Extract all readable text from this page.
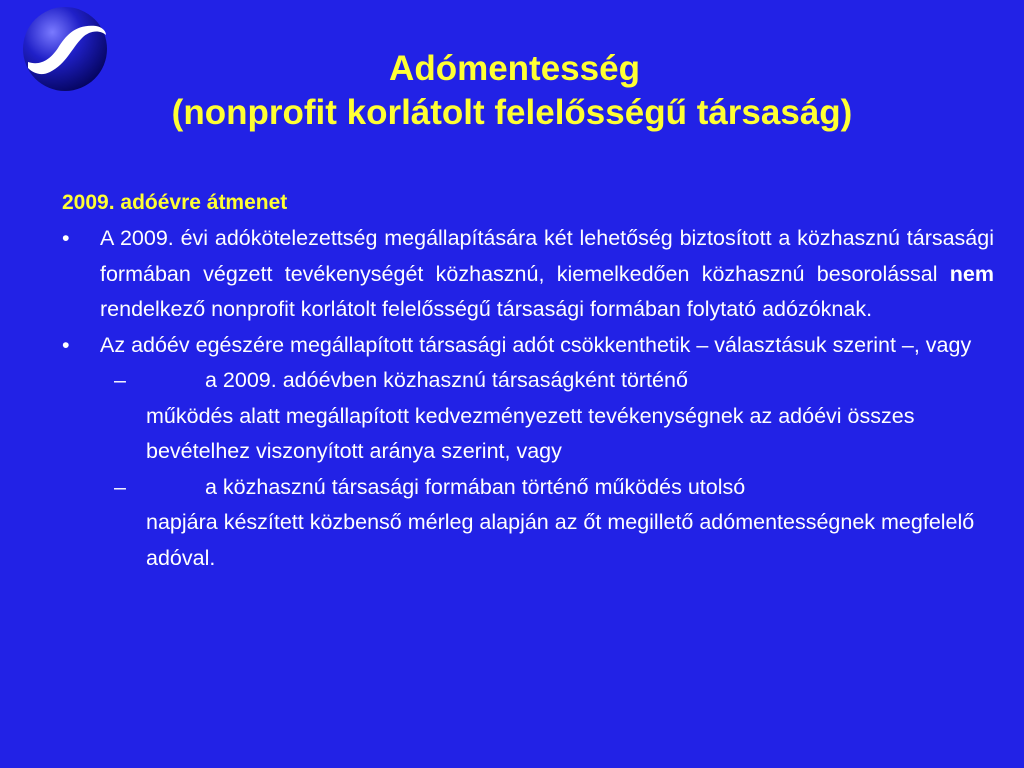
Adómentesség
(nonprofit korlátolt felelősségű társaság)
2009. adóévre átmenet
• A 2009. évi adókötelezettség megállapítására két lehetőség biztosított a közhasznú társasági formában végzett tevékenységét közhasznú, kiemelkedően közhasznú besorolással nem rendelkező nonprofit korlátolt felelősségű társasági formában folytató adózóknak.
• Az adóév egészére megállapított társasági adót csökkenthetik – választásuk szerint –, vagy
–	a 2009. adóévben közhasznú társaságként történő
működés alatt megállapított kedvezményezett tevékenységnek az adóévi összes bevételhez viszonyított aránya szerint, vagy
–	a közhasznú társasági formában történő működés utolsó
napjára készített közbenső mérleg alapján az őt megillető adómentességnek megfelelő adóval.
